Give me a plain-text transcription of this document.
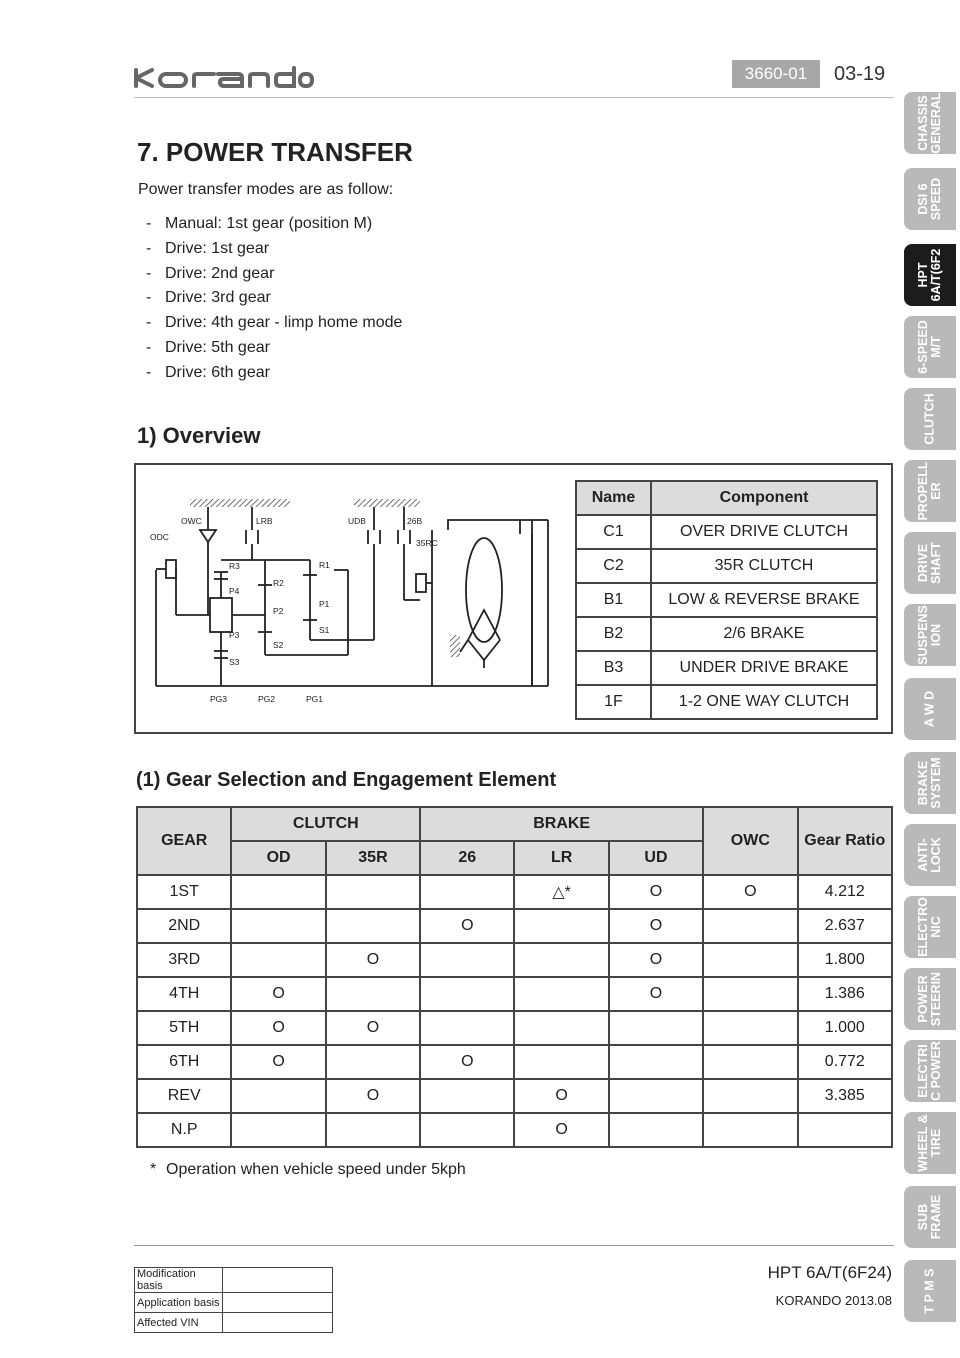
3660-01	03-19
CHASSIS
GENERAL
DSI 6
SPEED
HPT
6A/T(6F2
6-SPEED
M/T
CLUTCH
PROPELL
ER
DRIVE
SHAFT
SUSPENS
ION
A W D
BRAKE
SYSTEM
ANTI-
LOCK
ELECTRO
NIC
POWER
STEERIN
ELECTRI
C POWER
WHEEL &
TIRE
SUB
FRAME
T P M S
7. POWER TRANSFER

Power transfer modes are as follow:

- Manual: 1st gear (position M)
- Drive: 1st gear
- Drive: 2nd gear
- Drive: 3rd gear
- Drive: 4th gear - limp home mode
- Drive: 5th gear
- Drive: 6th gear
1) Overview
OWC	LRB	UDB	26B
35RC
ODC
R3
P4
P3
S3
R2
P2
S2
R1
P1
S1
PG3	PG2	PG1
Name	Component
C1	OVER DRIVE CLUTCH
C2	35R CLUTCH
B1	LOW & REVERSE BRAKE
B2	2/6 BRAKE
B3	UNDER DRIVE BRAKE
1F	1-2 ONE WAY CLUTCH
(1) Gear Selection and Engagement Element
GEAR	CLUTCH		BRAKE			OWC	Gear Ratio
	OD	35R	26	LR	UD		
1ST				△*	O	O	4.212
2ND			O		O		2.637
3RD		O			O		1.800
4TH	O				O		1.386
5TH	O	O					1.000
6TH	O		O				0.772
REV		O		O			3.385
N.P				O			

* Operation when vehicle speed under 5kph

Modification basis	
Application basis	
Affected VIN	
HPT 6A/T(6F24)
KORANDO 2013.08
